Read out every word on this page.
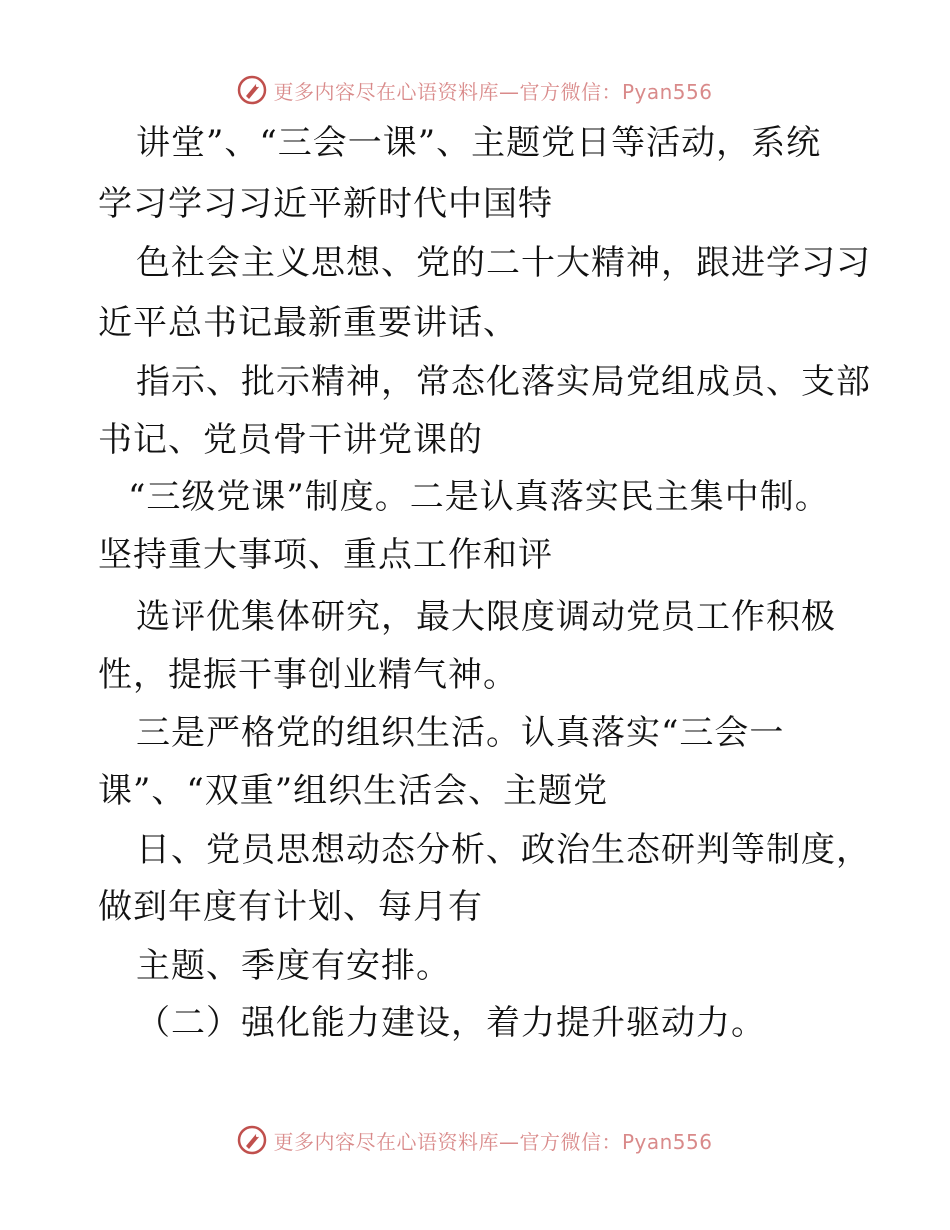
更多内容尽在心语资料库—官方微信：Pyan556
讲堂”、“三会一课”、主题党日等活动，系统
学习学习习近平新时代中国特
色社会主义思想、党的二十大精神，跟进学习习
近平总书记最新重要讲话、
指示、批示精神，常态化落实局党组成员、支部
书记、党员骨干讲党课的
“三级党课”制度。二是认真落实民主集中制。
坚持重大事项、重点工作和评
选评优集体研究，最大限度调动党员工作积极
性，提振干事创业精气神。
三是严格党的组织生活。认真落实“三会一
课”、“双重”组织生活会、主题党
日、党员思想动态分析、政治生态研判等制度，
做到年度有计划、每月有
主题、季度有安排。
（二）强化能力建设，着力提升驱动力。
更多内容尽在心语资料库—官方微信：Pyan556
